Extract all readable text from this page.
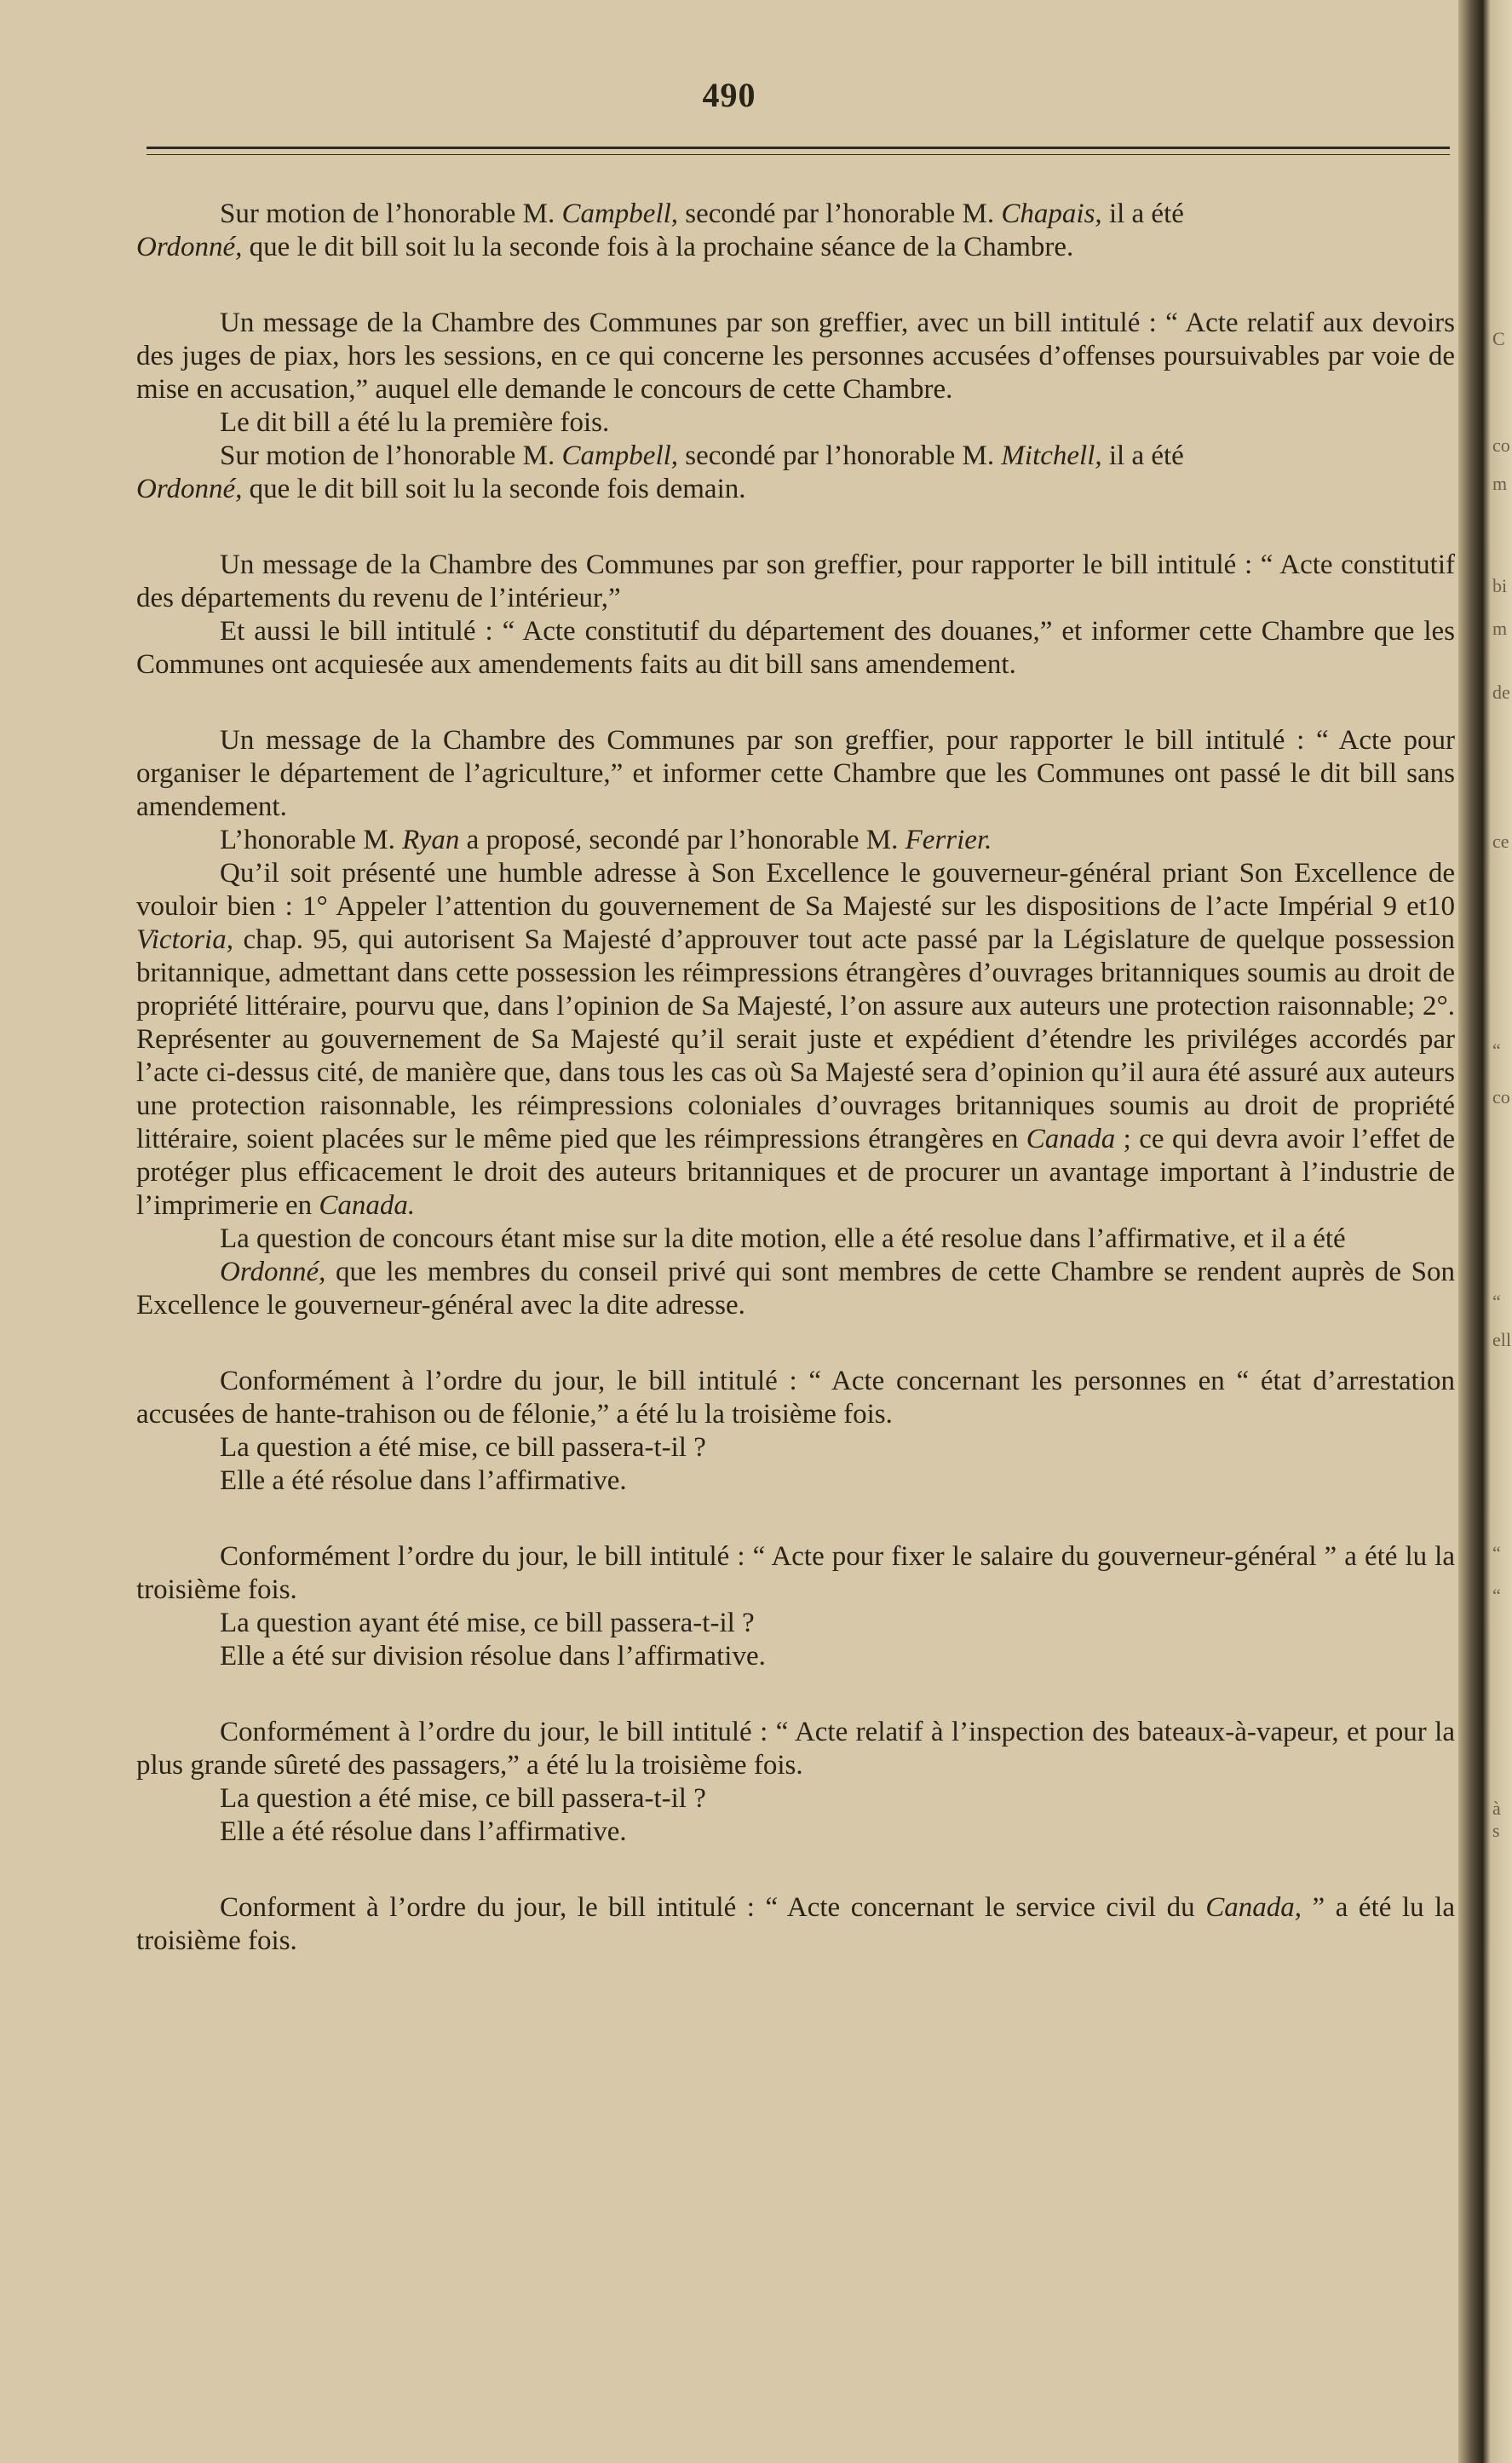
490

Sur motion de l’honorable M. Campbell, secondé par l’honorable M. Chapais, il a été

Ordonné, que le dit bill soit lu la seconde fois à la prochaine séance de la Chambre.

Un message de la Chambre des Communes par son greffier, avec un bill intitulé : “ Acte relatif aux devoirs des juges de piax, hors les sessions, en ce qui concerne les personnes accusées d’offenses poursuivables par voie de mise en accusation,” auquel elle demande le concours de cette Chambre.

Le dit bill a été lu la première fois.

Sur motion de l’honorable M. Campbell, secondé par l’honorable M. Mitchell, il a été

Ordonné, que le dit bill soit lu la seconde fois demain.

Un message de la Chambre des Communes par son greffier, pour rapporter le bill intitulé : “ Acte constitutif des départements du revenu de l’intérieur,”

Et aussi le bill intitulé : “ Acte constitutif du département des douanes,” et informer cette Chambre que les Communes ont acquiesée aux amendements faits au dit bill sans amendement.

Un message de la Chambre des Communes par son greffier, pour rapporter le bill intitulé : “ Acte pour organiser le département de l’agriculture,” et informer cette Chambre que les Communes ont passé le dit bill sans amendement.

L’honorable M. Ryan a proposé, secondé par l’honorable M. Ferrier.

Qu’il soit présenté une humble adresse à Son Excellence le gouverneur-général priant Son Excellence de vouloir bien : 1° Appeler l’attention du gouvernement de Sa Majesté sur les dispositions de l’acte Impérial 9 et10 Victoria, chap. 95, qui autorisent Sa Majesté d’approuver tout acte passé par la Législature de quelque possession britannique, admettant dans cette possession les réimpressions étrangères d’ouvrages britanniques soumis au droit de propriété littéraire, pourvu que, dans l’opinion de Sa Majesté, l’on assure aux auteurs une protection raisonnable; 2°. Représenter au gouvernement de Sa Majesté qu’il serait juste et expédient d’étendre les priviléges accordés par l’acte ci-dessus cité, de manière que, dans tous les cas où Sa Majesté sera d’opinion qu’il aura été assuré aux auteurs une protection raisonnable, les réimpressions coloniales d’ouvrages britanniques soumis au droit de propriété littéraire, soient placées sur le même pied que les réimpressions étrangères en Canada ; ce qui devra avoir l’effet de protéger plus efficacement le droit des auteurs britanniques et de procurer un avantage important à l’industrie de l’imprimerie en Canada.

La question de concours étant mise sur la dite motion, elle a été resolue dans l’affirmative, et il a été

Ordonné, que les membres du conseil privé qui sont membres de cette Chambre se rendent auprès de Son Excellence le gouverneur-général avec la dite adresse.

Conformément à l’ordre du jour, le bill intitulé : “ Acte concernant les personnes en “ état d’arrestation accusées de hante-trahison ou de félonie,” a été lu la troisième fois.

La question a été mise, ce bill passera-t-il ?

Elle a été résolue dans l’affirmative.

Conformément l’ordre du jour, le bill intitulé : “ Acte pour fixer le salaire du gouverneur-général ” a été lu la troisième fois.

La question ayant été mise, ce bill passera-t-il ?

Elle a été sur division résolue dans l’affirmative.

Conformément à l’ordre du jour, le bill intitulé : “ Acte relatif à l’inspection des bateaux-à-vapeur, et pour la plus grande sûreté des passagers,” a été lu la troisième fois.

La question a été mise, ce bill passera-t-il ?

Elle a été résolue dans l’affirmative.

Conforment à l’ordre du jour, le bill intitulé : “ Acte concernant le service civil du Canada, ” a été lu la troisième fois.

C
co
m
bi
m
de
ce
“
co
“
ell
“
“
à s
